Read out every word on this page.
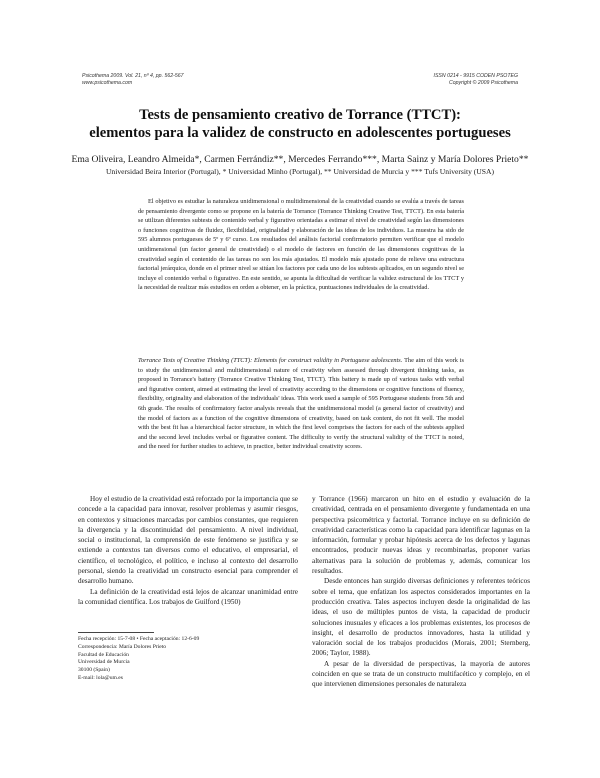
Psicothema 2009. Vol. 21, nº 4, pp. 562-567
www.psicothema.com
ISSN 0214 - 9915 CODEN PSOTEG
Copyright © 2009 Psicothema
Tests de pensamiento creativo de Torrance (TTCT):
elementos para la validez de constructo en adolescentes portugueses
Ema Oliveira, Leandro Almeida*, Carmen Ferrándiz**, Mercedes Ferrando***, Marta Sainz y María Dolores Prieto**
Universidad Beira Interior (Portugal), * Universidad Minho (Portugal), ** Universidad de Murcia y *** Tufs University (USA)

El objetivo es estudiar la naturaleza unidimensional o multidimensional de la creatividad cuando se evalúa a través de tareas de pensamiento divergente como se propone en la batería de Torrance (Torrance Thinking Creative Test, TTCT). En esta batería se utilizan diferentes subtests de contenido verbal y figurativo orientadas a estimar el nivel de creatividad según las dimensiones o funciones cognitivas de fluidez, flexibilidad, originalidad y elaboración de las ideas de los individuos. La muestra ha sido de 595 alumnos portugueses de 5º y 6º curso. Los resultados del análisis factorial confirmatorio permiten verificar que el modelo unidimensional (un factor general de creatividad) o el modelo de factores en función de las dimensiones cognitivas de la creatividad según el contenido de las tareas no son los más ajustados. El modelo más ajustado pone de relieve una estructura factorial jerárquica, donde en el primer nivel se sitúan los factores por cada uno de los subtests aplicados, en un segundo nivel se incluye el contenido verbal o figurativo. En este sentido, se apunta la dificultad de verificar la validez estructural de los TTCT y la necesidad de realizar más estudios en orden a obtener, en la práctica, puntuaciones individuales de la creatividad.

Torrance Tests of Creative Thinking (TTCT): Elements for construct validity in Portuguese adolescents. The aim of this work is to study the unidimensional and multidimensional nature of creativity when assessed through divergent thinking tasks, as proposed in Torrance's battery (Torrance Creative Thinking Test, TTCT). This battery is made up of various tasks with verbal and figurative content, aimed at estimating the level of creativity according to the dimensions or cognitive functions of fluency, flexibility, originality and elaboration of the individuals' ideas. This work used a sample of 595 Portuguese students from 5th and 6th grade. The results of confirmatory factor analysis reveals that the unidimensional model (a general factor of creativity) and the model of factors as a function of the cognitive dimensions of creativity, based on task content, do not fit well. The model with the best fit has a hierarchical factor structure, in which the first level comprises the factors for each of the subtests applied and the second level includes verbal or figurative content. The difficulty to verify the structural validity of the TTCT is noted, and the need for further studies to achieve, in practice, better individual creativity scores.

Hoy el estudio de la creatividad está reforzado por la importancia que se concede a la capacidad para innovar, resolver problemas y asumir riesgos, en contextos y situaciones marcadas por cambios constantes, que requieren la divergencia y la discontinuidad del pensamiento. A nivel individual, social o institucional, la comprensión de este fenómeno se justifica y se extiende a contextos tan diversos como el educativo, el empresarial, el científico, el tecnológico, el político, e incluso al contexto del desarrollo personal, siendo la creatividad un constructo esencial para comprender el desarrollo humano.

La definición de la creatividad está lejos de alcanzar unanimidad entre la comunidad científica. Los trabajos de Guilford (1950)

y Torrance (1966) marcaron un hito en el estudio y evaluación de la creatividad, centrada en el pensamiento divergente y fundamentada en una perspectiva psicométrica y factorial. Torrance incluye en su definición de creatividad características como la capacidad para identificar lagunas en la información, formular y probar hipótesis acerca de los defectos y lagunas encontrados, producir nuevas ideas y recombinarlas, proponer varias alternativas para la solución de problemas y, además, comunicar los resultados.

Desde entonces han surgido diversas definiciones y referentes teóricos sobre el tema, que enfatizan los aspectos considerados importantes en la producción creativa. Tales aspectos incluyen desde la originalidad de las ideas, el uso de múltiples puntos de vista, la capacidad de producir soluciones inusuales y eficaces a los problemas existentes, los procesos de insight, el desarrollo de productos innovadores, hasta la utilidad y valoración social de los trabajos producidos (Morais, 2001; Sternberg, 2006; Taylor, 1988).

A pesar de la diversidad de perspectivas, la mayoría de autores coinciden en que se trata de un constructo multifacético y complejo, en el que intervienen dimensiones personales de naturaleza

Fecha recepción: 15-7-08 • Fecha aceptación: 12-6-09
Correspondencia: María Dolores Prieto
Facultad de Educación
Universidad de Murcia
30100 (Spain)
E-mail: lola@um.es
